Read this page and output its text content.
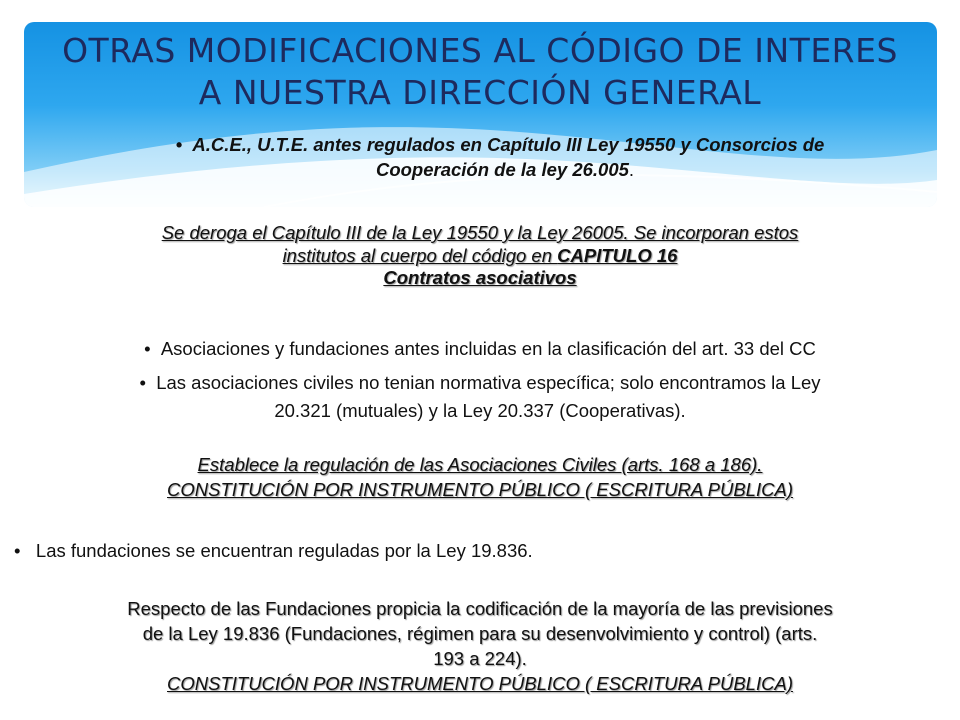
OTRAS MODIFICACIONES AL CÓDIGO DE INTERES
A NUESTRA DIRECCIÓN GENERAL
• A.C.E., U.T.E. antes regulados en Capítulo III Ley 19550 y Consorcios de
Cooperación de la ley 26.005.
Se deroga el Capítulo III de la Ley 19550 y la Ley 26005. Se incorporan estos
institutos al cuerpo del código en CAPITULO 16
Contratos asociativos
• Asociaciones y fundaciones antes incluidas en la clasificación del art. 33 del CC
• Las asociaciones civiles no tenian normativa específica; solo encontramos la Ley
20.321 (mutuales) y la Ley 20.337 (Cooperativas).
Establece la regulación de las Asociaciones Civiles (arts. 168 a 186).
CONSTITUCIÓN POR INSTRUMENTO PÚBLICO ( ESCRITURA PÚBLICA)
• Las fundaciones se encuentran reguladas por la Ley 19.836.
Respecto de las Fundaciones propicia la codificación de la mayoría de las previsiones
de la Ley 19.836 (Fundaciones, régimen para su desenvolvimiento y control) (arts.
193 a 224).
CONSTITUCIÓN POR INSTRUMENTO PÚBLICO ( ESCRITURA PÚBLICA)
